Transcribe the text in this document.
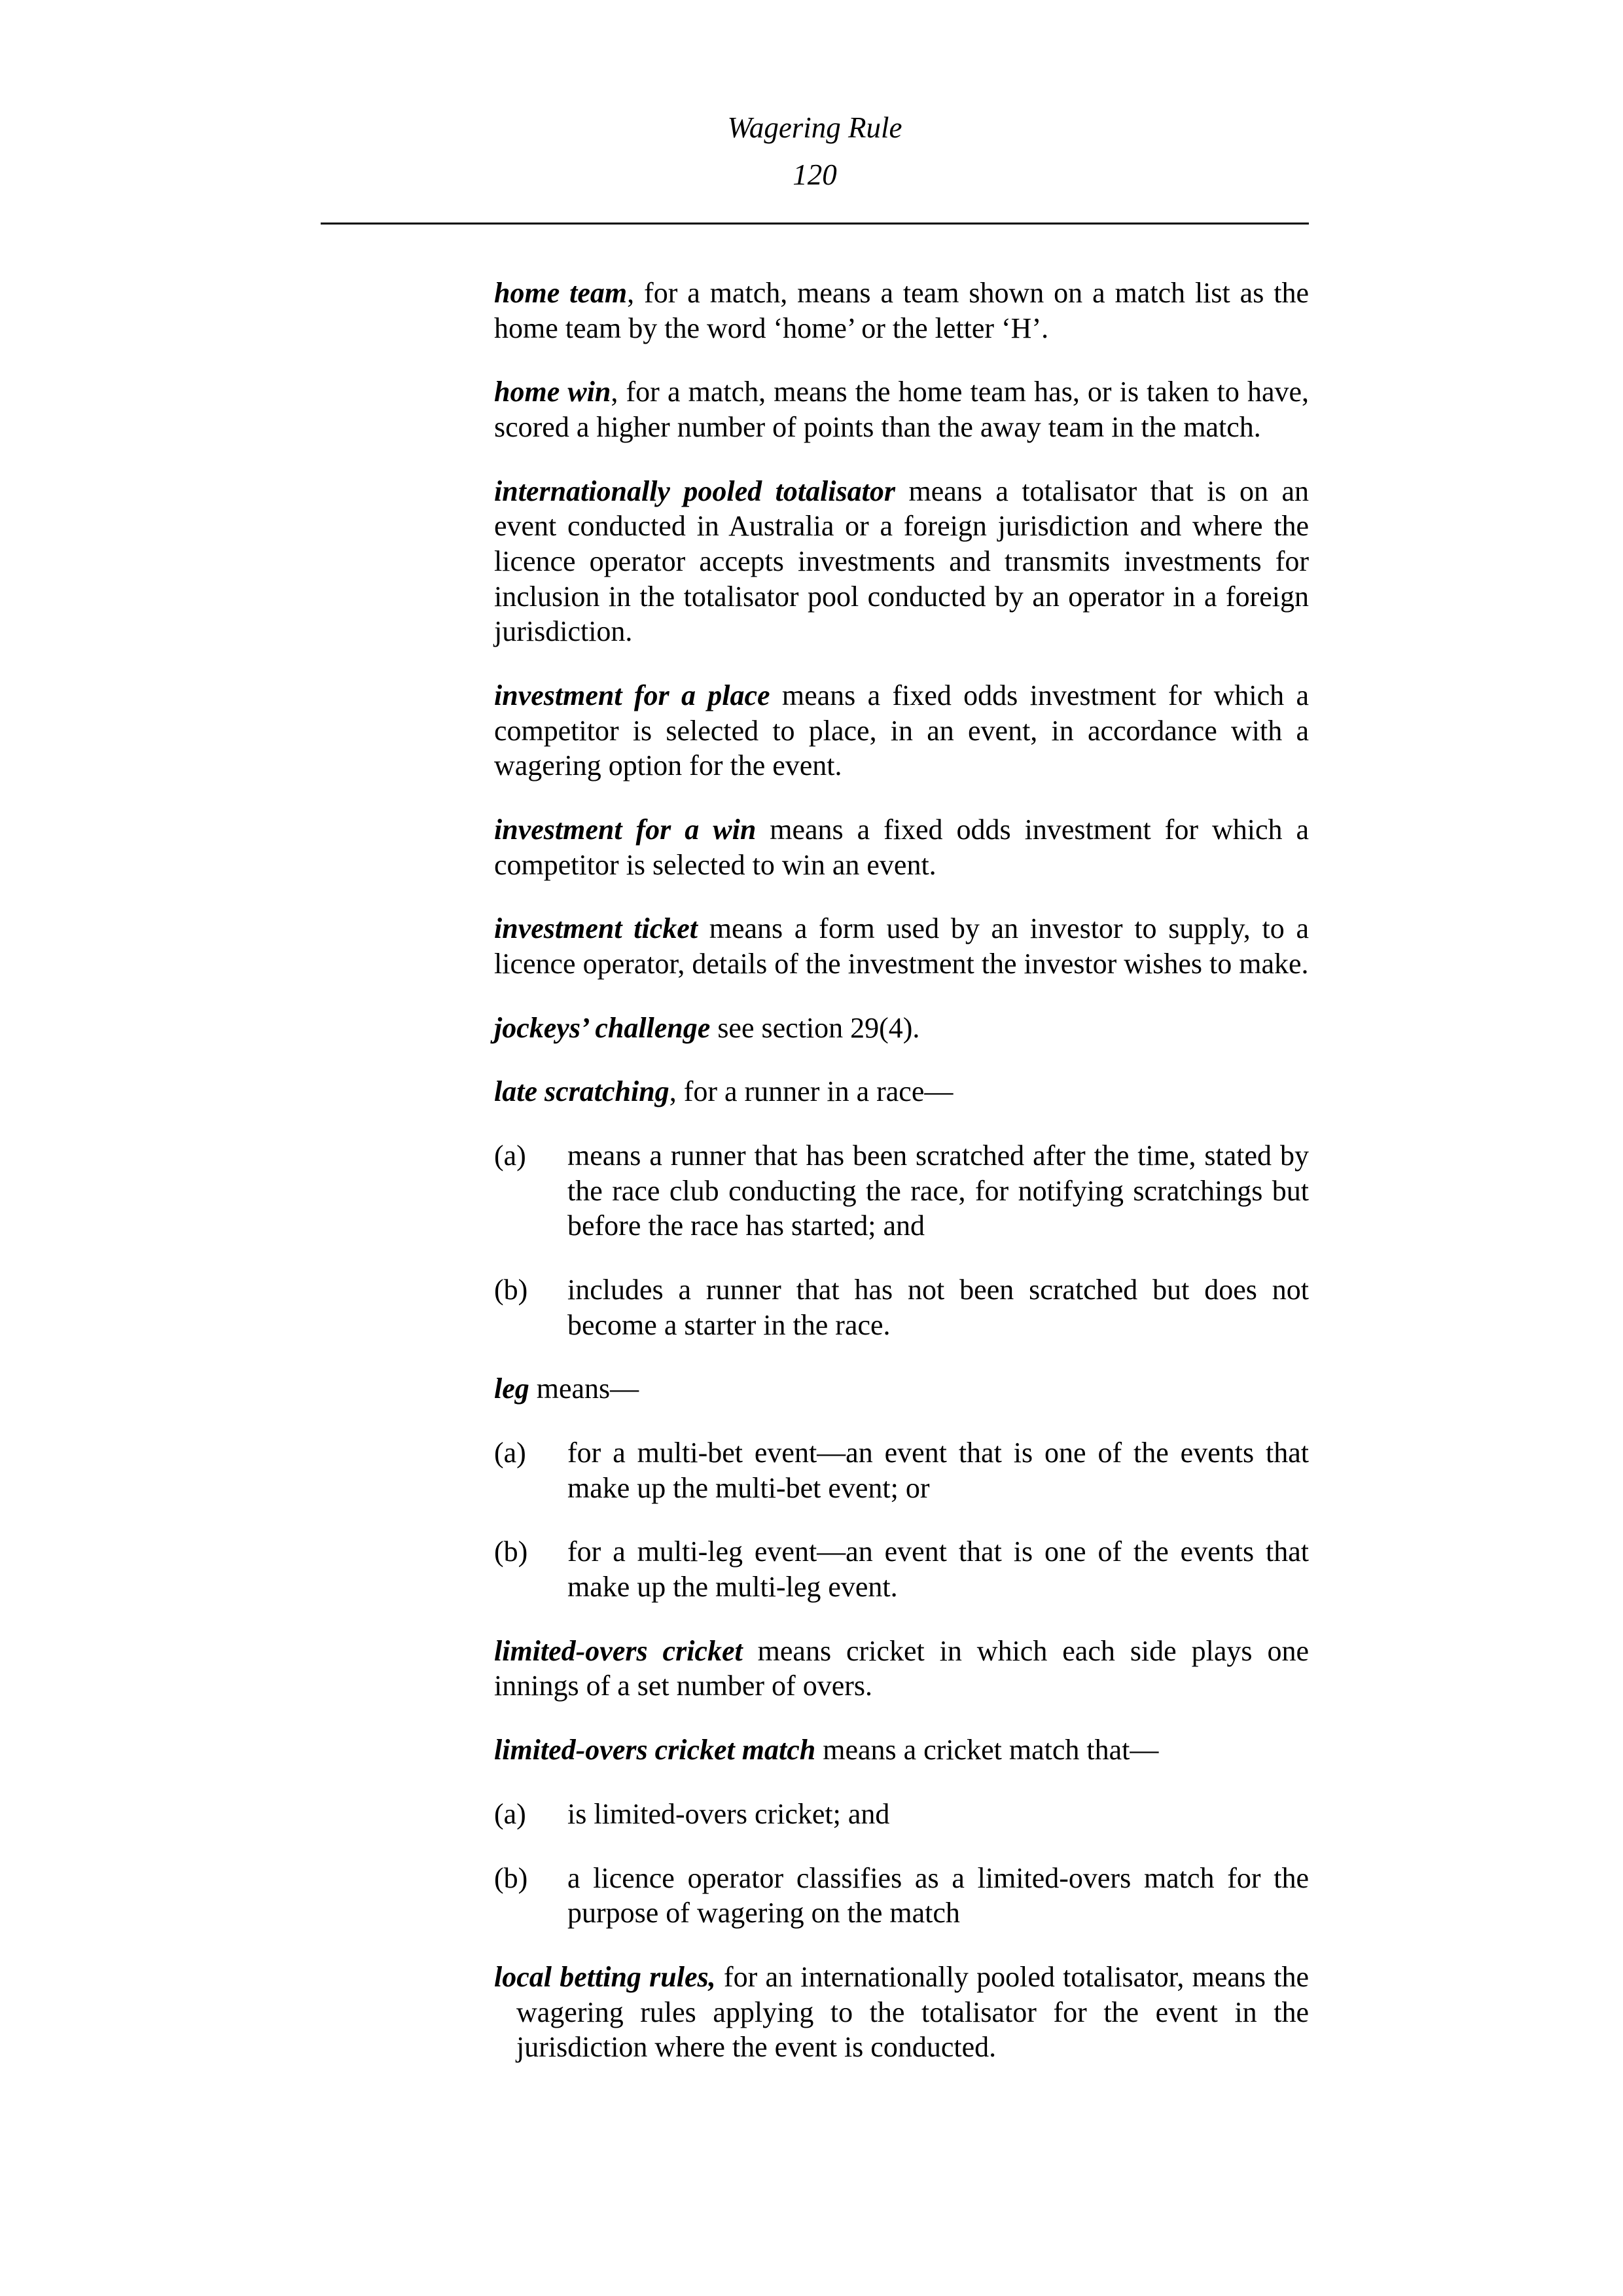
Wagering Rule
120

home team, for a match, means a team shown on a match list as the home team by the word ‘home’ or the letter ‘H’.

home win, for a match, means the home team has, or is taken to have, scored a higher number of points than the away team in the match.

internationally pooled totalisator means a totalisator that is on an event conducted in Australia or a foreign jurisdiction and where the licence operator accepts investments and transmits investments for inclusion in the totalisator pool conducted by an operator in a foreign jurisdiction.

investment for a place means a fixed odds investment for which a competitor is selected to place, in an event, in accordance with a wagering option for the event.

investment for a win means a fixed odds investment for which a competitor is selected to win an event.

investment ticket means a form used by an investor to supply, to a licence operator, details of the investment the investor wishes to make.

jockeys’ challenge see section 29(4).

late scratching, for a runner in a race—

(a) means a runner that has been scratched after the time, stated by the race club conducting the race, for notifying scratchings but before the race has started; and

(b) includes a runner that has not been scratched but does not become a starter in the race.

leg means—

(a) for a multi-bet event—an event that is one of the events that make up the multi-bet event; or

(b) for a multi-leg event—an event that is one of the events that make up the multi-leg event.

limited-overs cricket means cricket in which each side plays one innings of a set number of overs.

limited-overs cricket match means a cricket match that—

(a) is limited-overs cricket; and

(b) a licence operator classifies as a limited-overs match for the purpose of wagering on the match

local betting rules, for an internationally pooled totalisator, means the wagering rules applying to the totalisator for the event in the jurisdiction where the event is conducted.
